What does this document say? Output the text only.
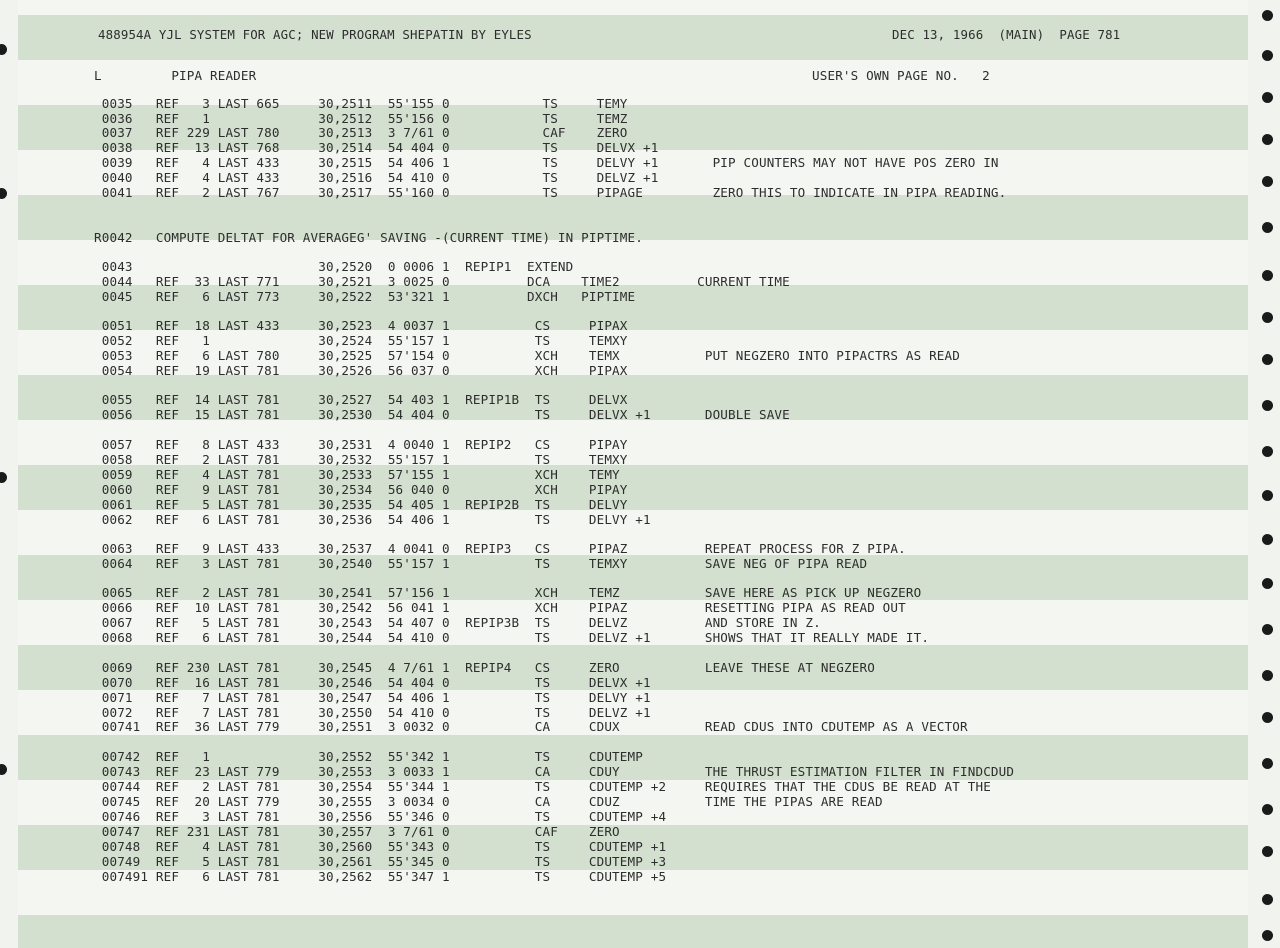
488954A YJL SYSTEM FOR AGC; NEW PROGRAM SHEPATIN BY EYLES	DEC 13, 1966  (MAIN)  PAGE 781
L         PIPA READER	USER'S OWN PAGE NO.   2
0035   REF   3 LAST 665     30,2511  55'155 0            TS     TEMY
0036   REF   1              30,2512  55'156 0            TS     TEMZ
0037   REF 229 LAST 780     30,2513  3 7/61 0            CAF    ZERO
0038   REF  13 LAST 768     30,2514  54 404 0            TS     DELVX +1
0039   REF   4 LAST 433     30,2515  54 406 1            TS     DELVY +1       PIP COUNTERS MAY NOT HAVE POS ZERO IN
0040   REF   4 LAST 433     30,2516  54 410 0            TS     DELVZ +1
0041   REF   2 LAST 767     30,2517  55'160 0            TS     PIPAGE         ZERO THIS TO INDICATE IN PIPA READING.
R0042   COMPUTE DELTAT FOR AVERAGEG' SAVING -(CURRENT TIME) IN PIPTIME.
0043                        30,2520  0 0006 1  REPIP1  EXTEND
0044   REF  33 LAST 771     30,2521  3 0025 0          DCA    TIME2          CURRENT TIME
0045   REF   6 LAST 773     30,2522  53'321 1          DXCH   PIPTIME
0051   REF  18 LAST 433     30,2523  4 0037 1           CS     PIPAX
0052   REF   1              30,2524  55'157 1           TS     TEMXY
0053   REF   6 LAST 780     30,2525  57'154 0           XCH    TEMX           PUT NEGZERO INTO PIPACTRS AS READ
0054   REF  19 LAST 781     30,2526  56 037 0           XCH    PIPAX
0055   REF  14 LAST 781     30,2527  54 403 1  REPIP1B  TS     DELVX
0056   REF  15 LAST 781     30,2530  54 404 0           TS     DELVX +1       DOUBLE SAVE
0057   REF   8 LAST 433     30,2531  4 0040 1  REPIP2   CS     PIPAY
0058   REF   2 LAST 781     30,2532  55'157 1           TS     TEMXY
0059   REF   4 LAST 781     30,2533  57'155 1           XCH    TEMY
0060   REF   9 LAST 781     30,2534  56 040 0           XCH    PIPAY
0061   REF   5 LAST 781     30,2535  54 405 1  REPIP2B  TS     DELVY
0062   REF   6 LAST 781     30,2536  54 406 1           TS     DELVY +1
0063   REF   9 LAST 433     30,2537  4 0041 0  REPIP3   CS     PIPAZ          REPEAT PROCESS FOR Z PIPA.
0064   REF   3 LAST 781     30,2540  55'157 1           TS     TEMXY          SAVE NEG OF PIPA READ
0065   REF   2 LAST 781     30,2541  57'156 1           XCH    TEMZ           SAVE HERE AS PICK UP NEGZERO
0066   REF  10 LAST 781     30,2542  56 041 1           XCH    PIPAZ          RESETTING PIPA AS READ OUT
0067   REF   5 LAST 781     30,2543  54 407 0  REPIP3B  TS     DELVZ          AND STORE IN Z.
0068   REF   6 LAST 781     30,2544  54 410 0           TS     DELVZ +1       SHOWS THAT IT REALLY MADE IT.
0069   REF 230 LAST 781     30,2545  4 7/61 1  REPIP4   CS     ZERO           LEAVE THESE AT NEGZERO
0070   REF  16 LAST 781     30,2546  54 404 0           TS     DELVX +1
0071   REF   7 LAST 781     30,2547  54 406 1           TS     DELVY +1
0072   REF   7 LAST 781     30,2550  54 410 0           TS     DELVZ +1
00741  REF  36 LAST 779     30,2551  3 0032 0           CA     CDUX           READ CDUS INTO CDUTEMP AS A VECTOR
00742  REF   1              30,2552  55'342 1           TS     CDUTEMP
00743  REF  23 LAST 779     30,2553  3 0033 1           CA     CDUY           THE THRUST ESTIMATION FILTER IN FINDCDUD
00744  REF   2 LAST 781     30,2554  55'344 1           TS     CDUTEMP +2     REQUIRES THAT THE CDUS BE READ AT THE
00745  REF  20 LAST 779     30,2555  3 0034 0           CA     CDUZ           TIME THE PIPAS ARE READ
00746  REF   3 LAST 781     30,2556  55'346 0           TS     CDUTEMP +4
00747  REF 231 LAST 781     30,2557  3 7/61 0           CAF    ZERO
00748  REF   4 LAST 781     30,2560  55'343 0           TS     CDUTEMP +1
00749  REF   5 LAST 781     30,2561  55'345 0           TS     CDUTEMP +3
007491 REF   6 LAST 781     30,2562  55'347 1           TS     CDUTEMP +5
